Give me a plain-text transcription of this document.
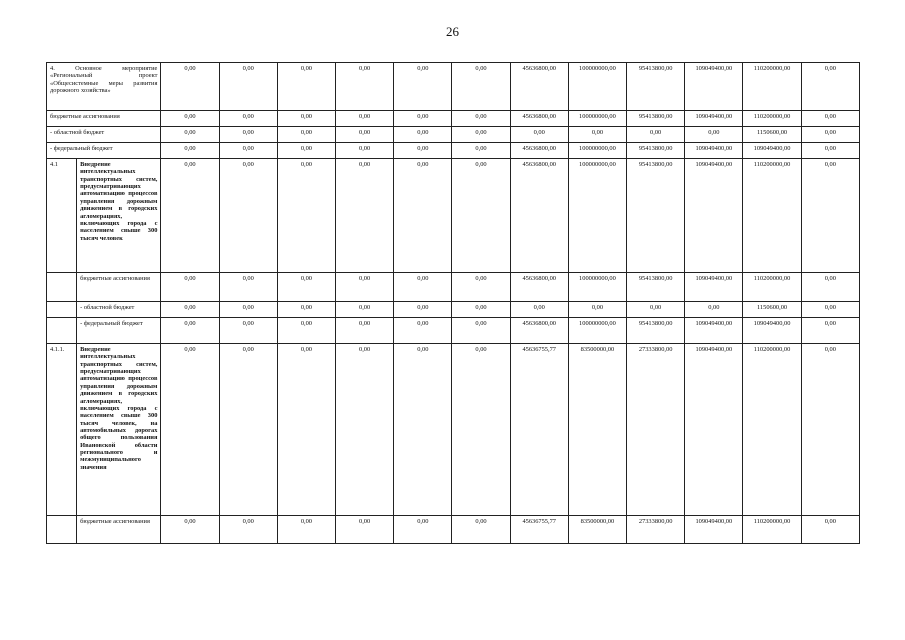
26
4. Основное мероприятие «Региональный проект «Общесистемные меры развития дорожного хозяйства»		0,00	0,00	0,00	0,00	0,00	0,00	45636800,00	100000000,00	95413800,00	109049400,00	110200000,00	0,00

бюджетные ассигнования		0,00	0,00	0,00	0,00	0,00	0,00	45636800,00	100000000,00	95413800,00	109049400,00	110200000,00	0,00

- областной бюджет		0,00	0,00	0,00	0,00	0,00	0,00	0,00	0,00	0,00	0,00	1150600,00	0,00

- федеральный бюджет		0,00	0,00	0,00	0,00	0,00	0,00	45636800,00	100000000,00	95413800,00	109049400,00	109049400,00	0,00

4.1	Внедрение интеллектуальных транспортных систем, предусматривающих автоматизацию процессов управления дорожным движением в городских агломерациях, включающих города с населением свыше 300 тысяч человек	0,00	0,00	0,00	0,00	0,00	0,00	45636800,00	100000000,00	95413800,00	109049400,00	110200000,00	0,00

	бюджетные ассигнования	0,00	0,00	0,00	0,00	0,00	0,00	45636800,00	100000000,00	95413800,00	109049400,00	110200000,00	0,00

	- областной бюджет	0,00	0,00	0,00	0,00	0,00	0,00	0,00	0,00	0,00	0,00	1150600,00	0,00

	- федеральный бюджет	0,00	0,00	0,00	0,00	0,00	0,00	45636800,00	100000000,00	95413800,00	109049400,00	109049400,00	0,00

4.1.1.	Внедрение интеллектуальных транспортных систем, предусматривающих автоматизацию процессов управления дорожным движением в городских агломерациях, включающих города с населением свыше 300 тысяч человек, на автомобильных дорогах общего пользования Ивановской области регионального и межмуниципального значения	0,00	0,00	0,00	0,00	0,00	0,00	45636755,77	83500000,00	27333800,00	109049400,00	110200000,00	0,00

	бюджетные ассигнования	0,00	0,00	0,00	0,00	0,00	0,00	45636755,77	83500000,00	27333800,00	109049400,00	110200000,00	0,00
